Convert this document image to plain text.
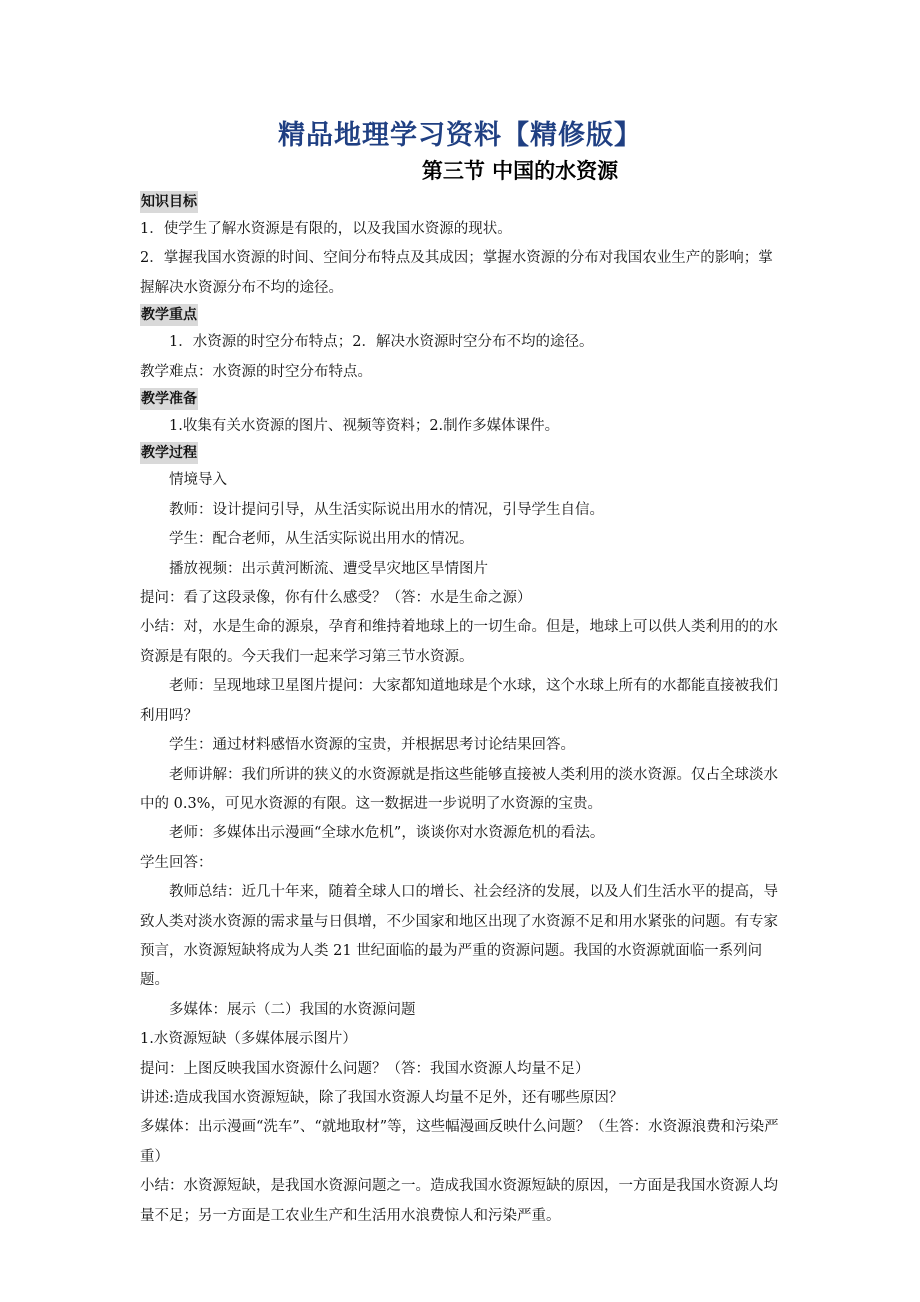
精品地理学习资料【精修版】
第三节 中国的水资源
知识目标

1．使学生了解水资源是有限的，以及我国水资源的现状。

2．掌握我国水资源的时间、空间分布特点及其成因；掌握水资源的分布对我国农业生产的影响；掌握解决水资源分布不均的途径。

教学重点

1．水资源的时空分布特点；2．解决水资源时空分布不均的途径。

教学难点：水资源的时空分布特点。

教学准备

1.收集有关水资源的图片、视频等资料；2.制作多媒体课件。

教学过程

情境导入

教师：设计提问引导，从生活实际说出用水的情况，引导学生自信。

学生：配合老师，从生活实际说出用水的情况。

播放视频：出示黄河断流、遭受旱灾地区旱情图片

提问：看了这段录像，你有什么感受？（答：水是生命之源）

小结：对，水是生命的源泉，孕育和维持着地球上的一切生命。但是，地球上可以供人类利用的的水资源是有限的。今天我们一起来学习第三节水资源。

老师：呈现地球卫星图片提问：大家都知道地球是个水球，这个水球上所有的水都能直接被我们利用吗？

学生：通过材料感悟水资源的宝贵，并根据思考讨论结果回答。

老师讲解：我们所讲的狭义的水资源就是指这些能够直接被人类利用的淡水资源。仅占全球淡水中的 0.3%，可见水资源的有限。这一数据进一步说明了水资源的宝贵。

老师：多媒体出示漫画“全球水危机”，谈谈你对水资源危机的看法。

学生回答：

教师总结：近几十年来，随着全球人口的增长、社会经济的发展，以及人们生活水平的提高，导致人类对淡水资源的需求量与日俱增，不少国家和地区出现了水资源不足和用水紧张的问题。有专家预言，水资源短缺将成为人类 21 世纪面临的最为严重的资源问题。我国的水资源就面临一系列问题。

多媒体：展示（二）我国的水资源问题

1.水资源短缺（多媒体展示图片）

提问：上图反映我国水资源什么问题？（答：我国水资源人均量不足）

讲述:造成我国水资源短缺，除了我国水资源人均量不足外，还有哪些原因？

多媒体：出示漫画“洗车”、“就地取材”等，这些幅漫画反映什么问题？（生答：水资源浪费和污染严重）

小结：水资源短缺，是我国水资源问题之一。造成我国水资源短缺的原因，一方面是我国水资源人均量不足；另一方面是工农业生产和生活用水浪费惊人和污染严重。
